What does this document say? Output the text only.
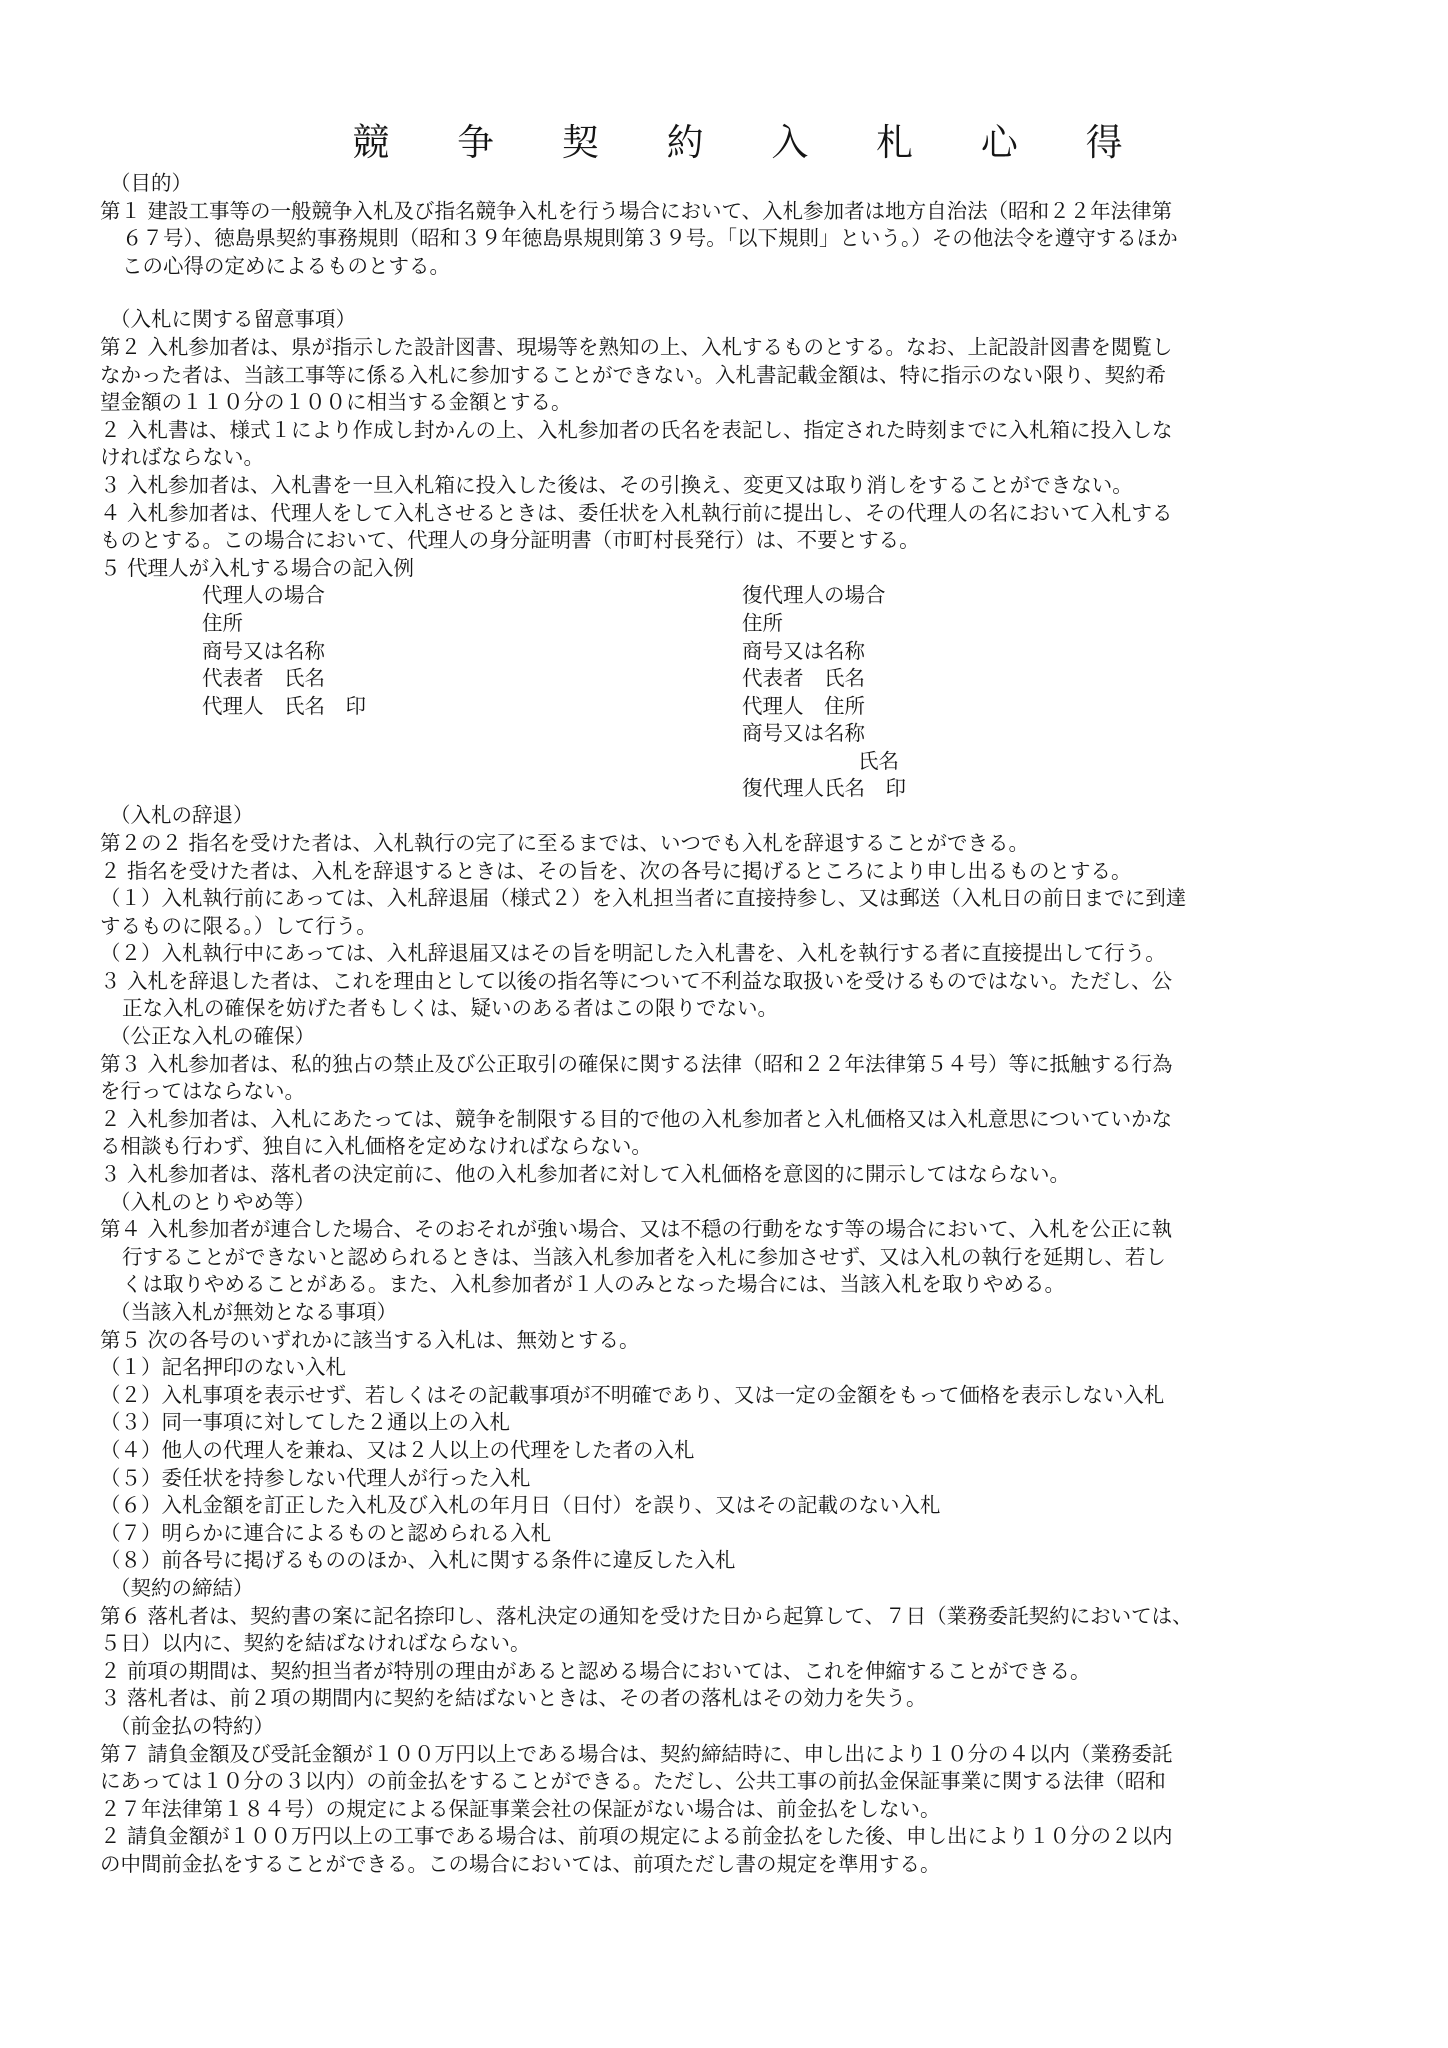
競 争 契 約 入 札 心 得
（目的）
第１ 建設工事等の一般競争入札及び指名競争入札を行う場合において、入札参加者は地方自治法（昭和２２年法律第
６７号）、徳島県契約事務規則（昭和３９年徳島県規則第３９号。「以下規則」という。）その他法令を遵守するほか
この心得の定めによるものとする。
（入札に関する留意事項）
第２ 入札参加者は、県が指示した設計図書、現場等を熟知の上、入札するものとする。なお、上記設計図書を閲覧し
なかった者は、当該工事等に係る入札に参加することができない。入札書記載金額は、特に指示のない限り、契約希
望金額の１１０分の１００に相当する金額とする。
２ 入札書は、様式１により作成し封かんの上、入札参加者の氏名を表記し、指定された時刻までに入札箱に投入しな
ければならない。
３ 入札参加者は、入札書を一旦入札箱に投入した後は、その引換え、変更又は取り消しをすることができない。
４ 入札参加者は、代理人をして入札させるときは、委任状を入札執行前に提出し、その代理人の名において入札する
ものとする。この場合において、代理人の身分証明書（市町村長発行）は、不要とする。
５ 代理人が入札する場合の記入例
代理人の場合
住所
商号又は名称
代表者　氏名
代理人　氏名　印
復代理人の場合
住所
商号又は名称
代表者　氏名
代理人　住所
商号又は名称
氏名
復代理人氏名　印
（入札の辞退）
第２の２ 指名を受けた者は、入札執行の完了に至るまでは、いつでも入札を辞退することができる。
２ 指名を受けた者は、入札を辞退するときは、その旨を、次の各号に掲げるところにより申し出るものとする。
（１）入札執行前にあっては、入札辞退届（様式２）を入札担当者に直接持参し、又は郵送（入札日の前日までに到達
するものに限る。）して行う。
（２）入札執行中にあっては、入札辞退届又はその旨を明記した入札書を、入札を執行する者に直接提出して行う。
３ 入札を辞退した者は、これを理由として以後の指名等について不利益な取扱いを受けるものではない。ただし、公
正な入札の確保を妨げた者もしくは、疑いのある者はこの限りでない。
（公正な入札の確保）
第３ 入札参加者は、私的独占の禁止及び公正取引の確保に関する法律（昭和２２年法律第５４号）等に抵触する行為
を行ってはならない。
２ 入札参加者は、入札にあたっては、競争を制限する目的で他の入札参加者と入札価格又は入札意思についていかな
る相談も行わず、独自に入札価格を定めなければならない。
３ 入札参加者は、落札者の決定前に、他の入札参加者に対して入札価格を意図的に開示してはならない。
（入札のとりやめ等）
第４ 入札参加者が連合した場合、そのおそれが強い場合、又は不穏の行動をなす等の場合において、入札を公正に執
行することができないと認められるときは、当該入札参加者を入札に参加させず、又は入札の執行を延期し、若し
くは取りやめることがある。また、入札参加者が１人のみとなった場合には、当該入札を取りやめる。
（当該入札が無効となる事項）
第５ 次の各号のいずれかに該当する入札は、無効とする。
（１）記名押印のない入札
（２）入札事項を表示せず、若しくはその記載事項が不明確であり、又は一定の金額をもって価格を表示しない入札
（３）同一事項に対してした２通以上の入札
（４）他人の代理人を兼ね、又は２人以上の代理をした者の入札
（５）委任状を持参しない代理人が行った入札
（６）入札金額を訂正した入札及び入札の年月日（日付）を誤り、又はその記載のない入札
（７）明らかに連合によるものと認められる入札
（８）前各号に掲げるもののほか、入札に関する条件に違反した入札
（契約の締結）
第６ 落札者は、契約書の案に記名捺印し、落札決定の通知を受けた日から起算して、７日（業務委託契約においては、
５日）以内に、契約を結ばなければならない。
２ 前項の期間は、契約担当者が特別の理由があると認める場合においては、これを伸縮することができる。
３ 落札者は、前２項の期間内に契約を結ばないときは、その者の落札はその効力を失う。
（前金払の特約）
第７ 請負金額及び受託金額が１００万円以上である場合は、契約締結時に、申し出により１０分の４以内（業務委託
にあっては１０分の３以内）の前金払をすることができる。ただし、公共工事の前払金保証事業に関する法律（昭和
２７年法律第１８４号）の規定による保証事業会社の保証がない場合は、前金払をしない。
２ 請負金額が１００万円以上の工事である場合は、前項の規定による前金払をした後、申し出により１０分の２以内
の中間前金払をすることができる。この場合においては、前項ただし書の規定を準用する。
